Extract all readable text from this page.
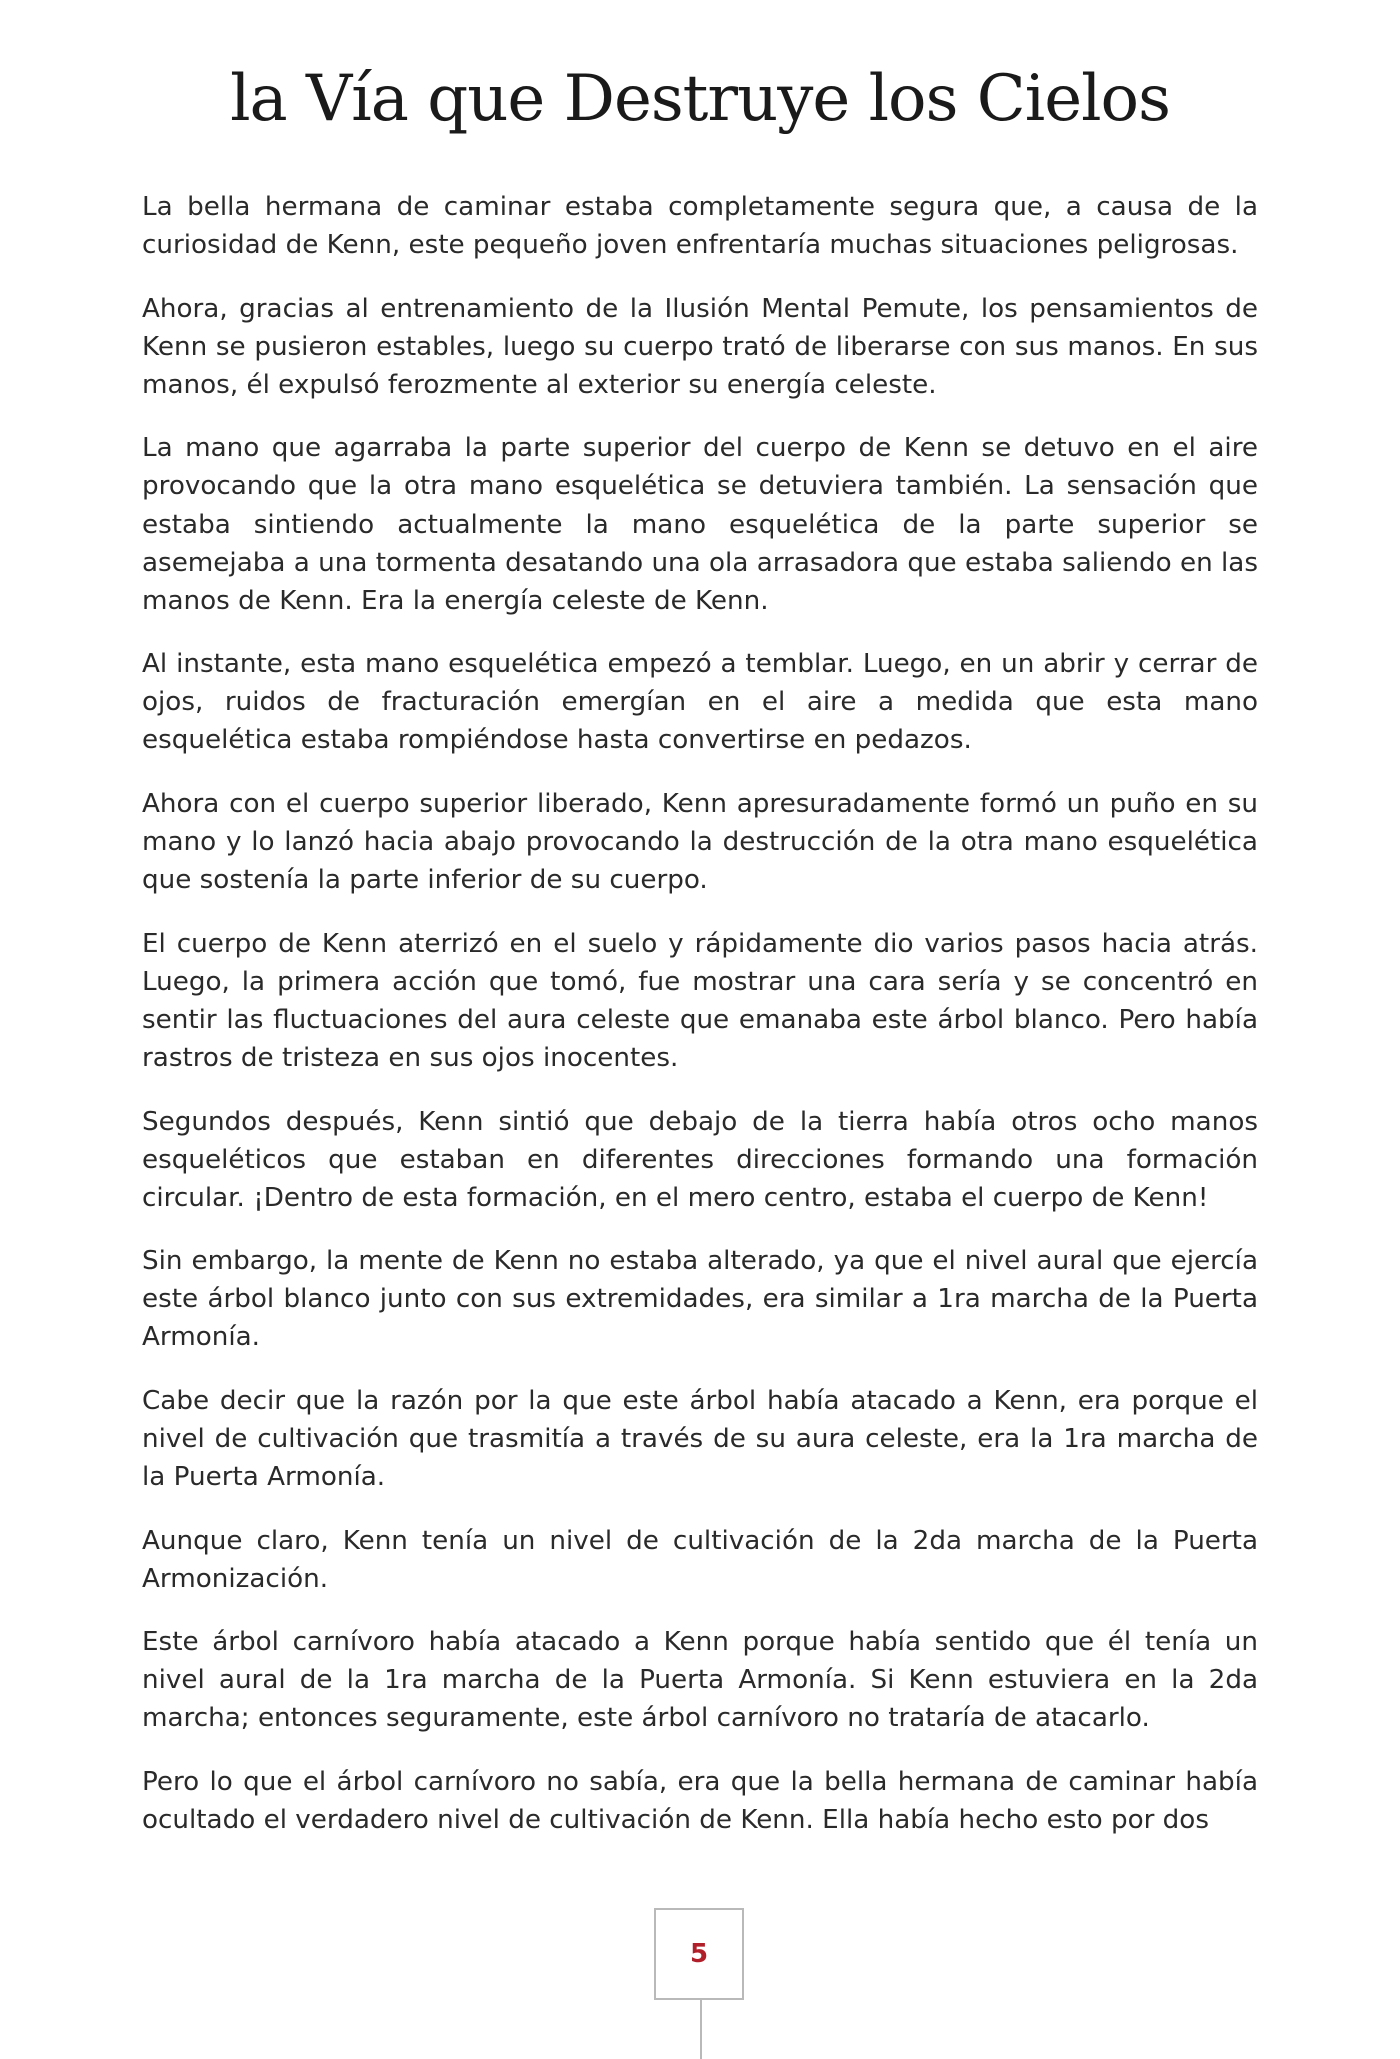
la Vía que Destruye los Cielos

La bella hermana de caminar estaba completamente segura que, a causa de la curiosidad de Kenn, este pequeño joven enfrentaría muchas situaciones peligrosas.

Ahora, gracias al entrenamiento de la Ilusión Mental Pemute, los pensamientos de Kenn se pusieron estables, luego su cuerpo trató de liberarse con sus manos. En sus manos, él expulsó ferozmente al exterior su energía celeste.

La mano que agarraba la parte superior del cuerpo de Kenn se detuvo en el aire provocando que la otra mano esquelética se detuviera también. La sensación que estaba sintiendo actualmente la mano esquelética de la parte superior se asemejaba a una tormenta desatando una ola arrasadora que estaba saliendo en las manos de Kenn. Era la energía celeste de Kenn.

Al instante, esta mano esquelética empezó a temblar. Luego, en un abrir y cerrar de ojos, ruidos de fracturación emergían en el aire a medida que esta mano esquelética estaba rompiéndose hasta convertirse en pedazos.

Ahora con el cuerpo superior liberado, Kenn apresuradamente formó un puño en su mano y lo lanzó hacia abajo provocando la destrucción de la otra mano esquelética que sostenía la parte inferior de su cuerpo.

El cuerpo de Kenn aterrizó en el suelo y rápidamente dio varios pasos hacia atrás. Luego, la primera acción que tomó, fue mostrar una cara sería y se concentró en sentir las fluctuaciones del aura celeste que emanaba este árbol blanco. Pero había rastros de tristeza en sus ojos inocentes.

Segundos después, Kenn sintió que debajo de la tierra había otros ocho manos esqueléticos que estaban en diferentes direcciones formando una formación circular. ¡Dentro de esta formación, en el mero centro, estaba el cuerpo de Kenn!

Sin embargo, la mente de Kenn no estaba alterado, ya que el nivel aural que ejercía este árbol blanco junto con sus extremidades, era similar a 1ra marcha de la Puerta Armonía.

Cabe decir que la razón por la que este árbol había atacado a Kenn, era porque el nivel de cultivación que trasmitía a través de su aura celeste, era la 1ra marcha de la Puerta Armonía.

Aunque claro, Kenn tenía un nivel de cultivación de la 2da marcha de la Puerta Armonización.

Este árbol carnívoro había atacado a Kenn porque había sentido que él tenía un nivel aural de la 1ra marcha de la Puerta Armonía. Si Kenn estuviera en la 2da marcha; entonces seguramente, este árbol carnívoro no trataría de atacarlo.

Pero lo que el árbol carnívoro no sabía, era que la bella hermana de caminar había ocultado el verdadero nivel de cultivación de Kenn. Ella había hecho esto por dos

5
